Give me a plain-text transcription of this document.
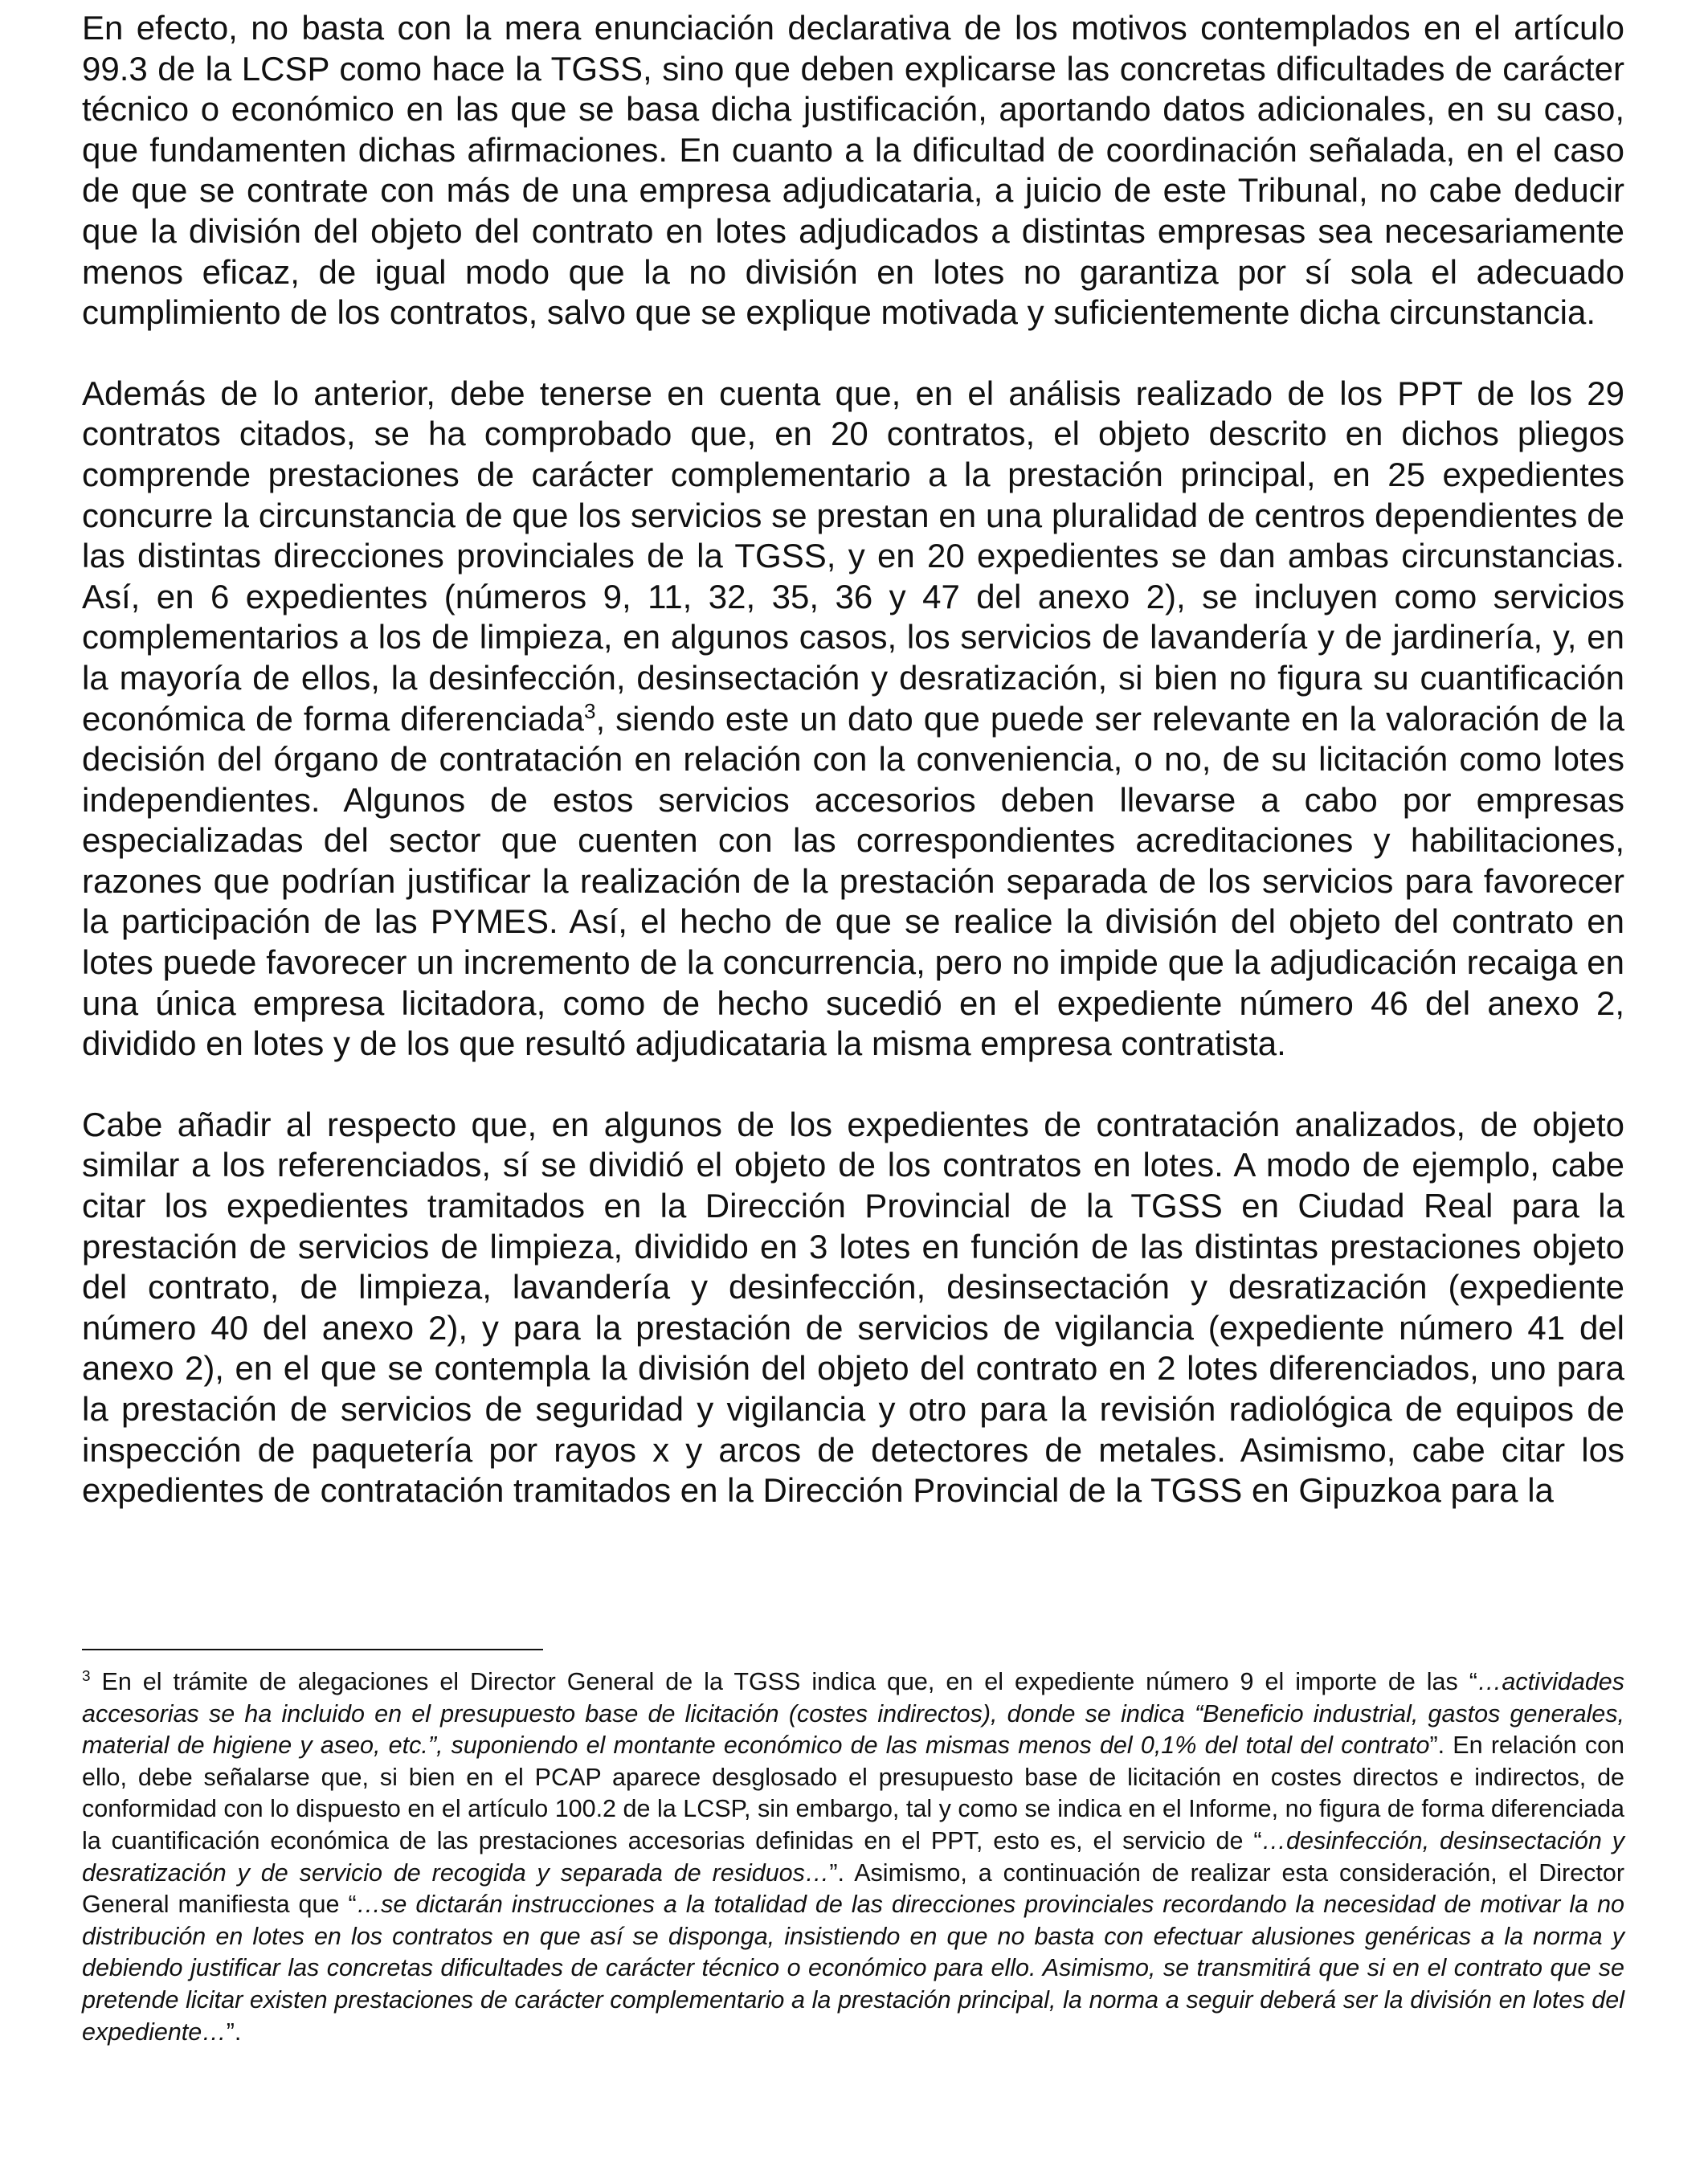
En efecto, no basta con la mera enunciación declarativa de los motivos contemplados en el artículo 99.3 de la LCSP como hace la TGSS, sino que deben explicarse las concretas dificultades de carácter técnico o económico en las que se basa dicha justificación, aportando datos adicionales, en su caso, que fundamenten dichas afirmaciones. En cuanto a la dificultad de coordinación señalada, en el caso de que se contrate con más de una empresa adjudicataria, a juicio de este Tribunal, no cabe deducir que la división del objeto del contrato en lotes adjudicados a distintas empresas sea necesariamente menos eficaz, de igual modo que la no división en lotes no garantiza por sí sola el adecuado cumplimiento de los contratos, salvo que se explique motivada y suficientemente dicha circunstancia.

Además de lo anterior, debe tenerse en cuenta que, en el análisis realizado de los PPT de los 29 contratos citados, se ha comprobado que, en 20 contratos, el objeto descrito en dichos pliegos comprende prestaciones de carácter complementario a la prestación principal, en 25 expedientes concurre la circunstancia de que los servicios se prestan en una pluralidad de centros dependientes de las distintas direcciones provinciales de la TGSS, y en 20 expedientes se dan ambas circunstancias. Así, en 6 expedientes (números 9, 11, 32, 35, 36 y 47 del anexo 2), se incluyen como servicios complementarios a los de limpieza, en algunos casos, los servicios de lavandería y de jardinería, y, en la mayoría de ellos, la desinfección, desinsectación y desratización, si bien no figura su cuantificación económica de forma diferenciada$^3$, siendo este un dato que puede ser relevante en la valoración de la decisión del órgano de contratación en relación con la conveniencia, o no, de su licitación como lotes independientes. Algunos de estos servicios accesorios deben llevarse a cabo por empresas especializadas del sector que cuenten con las correspondientes acreditaciones y habilitaciones, razones que podrían justificar la realización de la prestación separada de los servicios para favorecer la participación de las PYMES. Así, el hecho de que se realice la división del objeto del contrato en lotes puede favorecer un incremento de la concurrencia, pero no impide que la adjudicación recaiga en una única empresa licitadora, como de hecho sucedió en el expediente número 46 del anexo 2, dividido en lotes y de los que resultó adjudicataria la misma empresa contratista.

Cabe añadir al respecto que, en algunos de los expedientes de contratación analizados, de objeto similar a los referenciados, sí se dividió el objeto de los contratos en lotes. A modo de ejemplo, cabe citar los expedientes tramitados en la Dirección Provincial de la TGSS en Ciudad Real para la prestación de servicios de limpieza, dividido en 3 lotes en función de las distintas prestaciones objeto del contrato, de limpieza, lavandería y desinfección, desinsectación y desratización (expediente número 40 del anexo 2), y para la prestación de servicios de vigilancia (expediente número 41 del anexo 2), en el que se contempla la división del objeto del contrato en 2 lotes diferenciados, uno para la prestación de servicios de seguridad y vigilancia y otro para la revisión radiológica de equipos de inspección de paquetería por rayos x y arcos de detectores de metales. Asimismo, cabe citar los expedientes de contratación tramitados en la Dirección Provincial de la TGSS en Gipuzkoa para la

$^3$ En el trámite de alegaciones el Director General de la TGSS indica que, en el expediente número 9 el importe de las “…actividades accesorias se ha incluido en el presupuesto base de licitación (costes indirectos), donde se indica “Beneficio industrial, gastos generales, material de higiene y aseo, etc.”, suponiendo el montante económico de las mismas menos del 0,1% del total del contrato”. En relación con ello, debe señalarse que, si bien en el PCAP aparece desglosado el presupuesto base de licitación en costes directos e indirectos, de conformidad con lo dispuesto en el artículo 100.2 de la LCSP, sin embargo, tal y como se indica en el Informe, no figura de forma diferenciada la cuantificación económica de las prestaciones accesorias definidas en el PPT, esto es, el servicio de “…desinfección, desinsectación y desratización y de servicio de recogida y separada de residuos…”. Asimismo, a continuación de realizar esta consideración, el Director General manifiesta que “…se dictarán instrucciones a la totalidad de las direcciones provinciales recordando la necesidad de motivar la no distribución en lotes en los contratos en que así se disponga, insistiendo en que no basta con efectuar alusiones genéricas a la norma y debiendo justificar las concretas dificultades de carácter técnico o económico para ello. Asimismo, se transmitirá que si en el contrato que se pretende licitar existen prestaciones de carácter complementario a la prestación principal, la norma a seguir deberá ser la división en lotes del expediente…”.
